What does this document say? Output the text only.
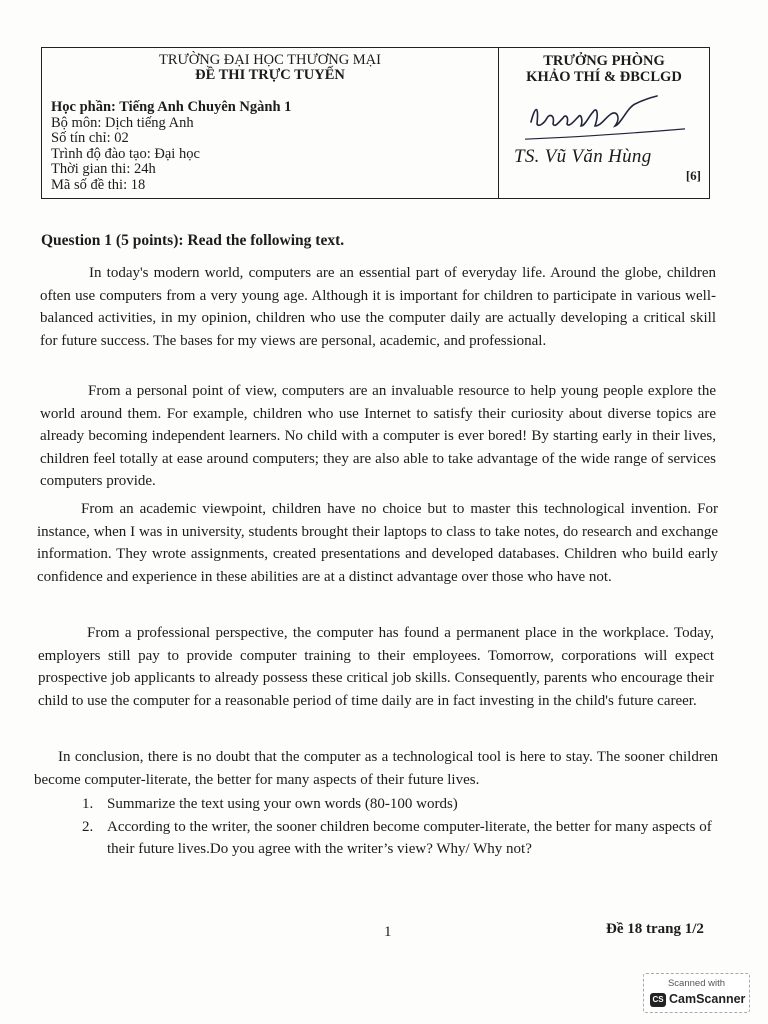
TRƯỜNG ĐẠI HỌC THƯƠNG MẠI
ĐỀ THI TRỰC TUYẾN
Học phần: Tiếng Anh Chuyên Ngành 1
Bộ môn: Dịch tiếng Anh
Số tín chỉ: 02
Trình độ đào tạo: Đại học
Thời gian thi: 24h
Mã số đề thi: 18
TRƯỞNG PHÒNG
KHẢO THÍ & ĐBCLGD
TS. Vũ Văn Hùng
[6]
Question 1 (5 points): Read the following text.

In today's modern world, computers are an essential part of everyday life. Around the globe, children often use computers from a very young age. Although it is important for children to participate in various well-balanced activities, in my opinion, children who use the computer daily are actually developing a critical skill for future success. The bases for my views are personal, academic, and professional.

From a personal point of view, computers are an invaluable resource to help young people explore the world around them. For example, children who use Internet to satisfy their curiosity about diverse topics are already becoming independent learners. No child with a computer is ever bored! By starting early in their lives, children feel totally at ease around computers; they are also able to take advantage of the wide range of services computers provide.

From an academic viewpoint, children have no choice but to master this technological invention. For instance, when I was in university, students brought their laptops to class to take notes, do research and exchange information. They wrote assignments, created presentations and developed databases. Children who build early confidence and experience in these abilities are at a distinct advantage over those who have not.

From a professional perspective, the computer has found a permanent place in the workplace. Today, employers still pay to provide computer training to their employees. Tomorrow, corporations will expect prospective job applicants to already possess these critical job skills. Consequently, parents who encourage their child to use the computer for a reasonable period of time daily are in fact investing in the child's future career.

In conclusion, there is no doubt that the computer as a technological tool is here to stay. The sooner children become computer-literate, the better for many aspects of their future lives.

1. Summarize the text using your own words (80-100 words)
2. According to the writer, the sooner children become computer-literate, the better for many aspects of their future lives.Do you agree with the writer’s view? Why/ Why not?
1	Đề 18 trang 1/2
Scanned with
CS CamScanner
